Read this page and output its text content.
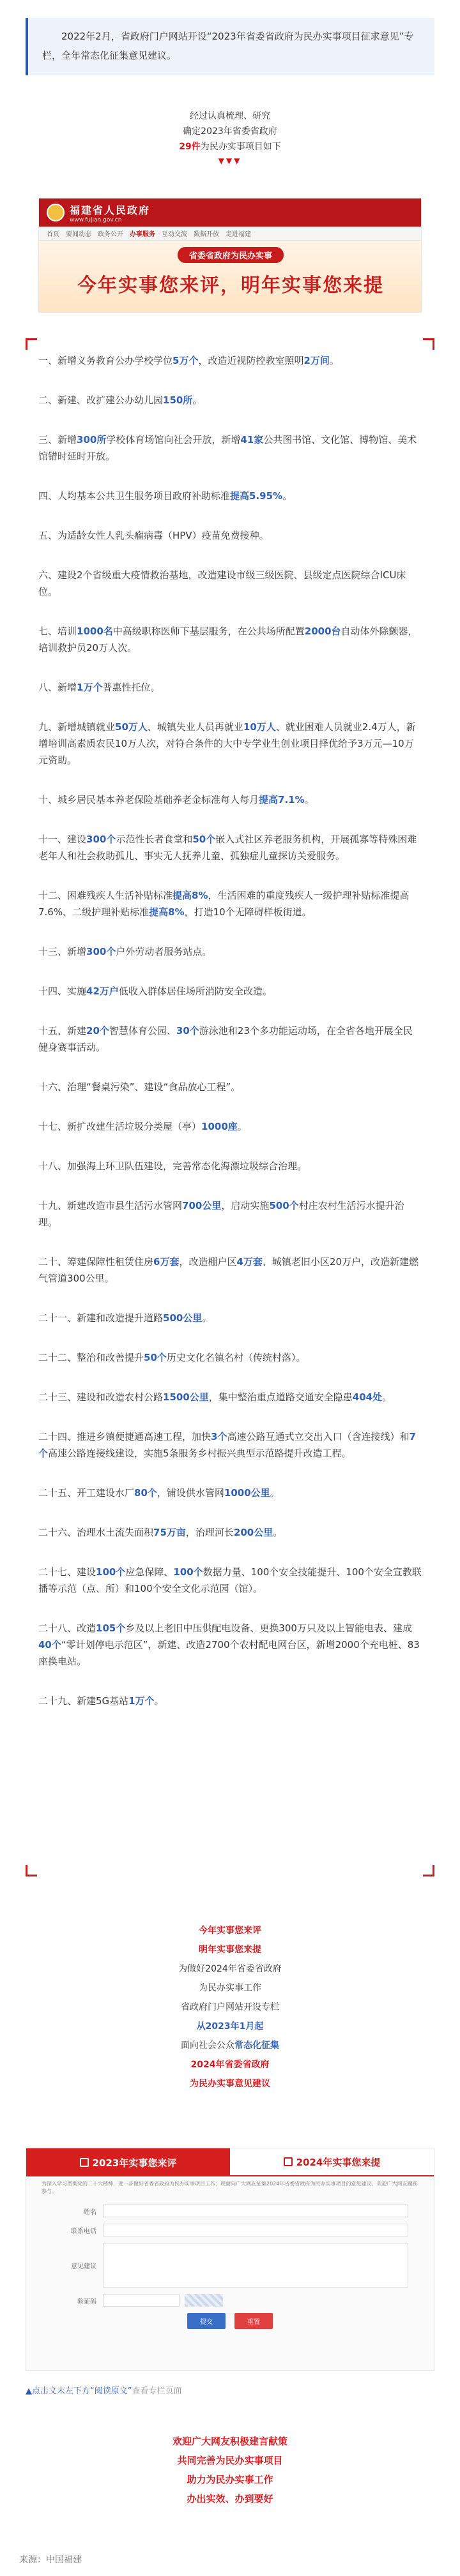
2022年2月，省政府门户网站开设“2023年省委省政府为民办实事项目征求意见”专栏，全年常态化征集意见建议。

经过认真梳理、研究

确定2023年省委省政府

29件为民办实事项目如下

▼▼▼

福建省人民政府
www.fujian.gov.cn
首页 要闻动态 政务公开 办事服务 互动交流 数据开放 走进福建
省委省政府为民办实事
今年实事您来评，明年实事您来提

一、新增义务教育公办学校学位5万个，改造近视防控教室照明2万间。

二、新建、改扩建公办幼儿园150所。

三、新增300所学校体育场馆向社会开放，新增41家公共图书馆、文化馆、博物馆、美术馆错时延时开放。

四、人均基本公共卫生服务项目政府补助标准提高5.95%。

五、为适龄女性人乳头瘤病毒（HPV）疫苗免费接种。

六、建设2个省级重大疫情救治基地，改造建设市级三级医院、县级定点医院综合ICU床位。

七、培训1000名中高级职称医师下基层服务，在公共场所配置2000台自动体外除颤器，培训救护员20万人次。

八、新增1万个普惠性托位。

九、新增城镇就业50万人、城镇失业人员再就业10万人、就业困难人员就业2.4万人，新增培训高素质农民10万人次，对符合条件的大中专学业生创业项目择优给予3万元—10万元资助。

十、城乡居民基本养老保险基础养老金标准每人每月提高7.1%。

十一、建设300个示范性长者食堂和50个嵌入式社区养老服务机构，开展孤寡等特殊困难老年人和社会救助孤儿、事实无人抚养儿童、孤独症儿童探访关爱服务。

十二、困难残疾人生活补贴标准提高8%，生活困难的重度残疾人一级护理补贴标准提高7.6%、二级护理补贴标准提高8%，打造10个无障碍样板街道。

十三、新增300个户外劳动者服务站点。

十四、实施42万户低收入群体居住场所消防安全改造。

十五、新建20个智慧体育公园、30个游泳池和23个多功能运动场，在全省各地开展全民健身赛事活动。

十六、治理“餐桌污染”、建设“食品放心工程”。

十七、新扩改建生活垃圾分类屋（亭）1000座。

十八、加强海上环卫队伍建设，完善常态化海漂垃圾综合治理。

十九、新建改造市县生活污水管网700公里，启动实施500个村庄农村生活污水提升治理。

二十、筹建保障性租赁住房6万套，改造棚户区4万套、城镇老旧小区20万户，改造新建燃气管道300公里。

二十一、新建和改造提升道路500公里。

二十二、整治和改善提升50个历史文化名镇名村（传统村落）。

二十三、建设和改造农村公路1500公里，集中整治重点道路交通安全隐患404处。

二十四、推进乡镇便捷通高速工程，加快3个高速公路互通式立交出入口（含连接线）和7个高速公路连接线建设，实施5条服务乡村振兴典型示范路提升改造工程。

二十五、开工建设水厂80个，铺设供水管网1000公里。

二十六、治理水土流失面积75万亩，治理河长200公里。

二十七、建设100个应急保障、100个数据力量、100个安全技能提升、100个安全宣教联播等示范（点、所）和100个安全文化示范园（馆）。

二十八、改造105个乡及以上老旧中压供配电设备、更换300万只及以上智能电表、建成40个“零计划停电示范区”，新建、改造2700个农村配电网台区，新增2000个充电桩、83座换电站。

二十九、新建5G基站1万个。

今年实事您来评

明年实事您来提

为做好2024年省委省政府

为民办实事工作

省政府门户网站开设专栏

从2023年1月起

面向社会公众常态化征集

2024年省委省政府

为民办实事意见建议

2023年实事您来评	2024年实事您来提
为深入学习贯彻党的二十大精神，进一步做好省委省政府为民办实事项目工作，现面向广大网友征集2024年省委省政府为民办实事项目的意见建议。欢迎广大网友踊跃参与。
姓名
联系电话
意见建议
验证码
提交	重置
▲点击文末左下方“阅读原文”查看专栏页面

欢迎广大网友积极建言献策

共同完善为民办实事项目

助力为民办实事工作

办出实效、办到要好

来源：中国福建
